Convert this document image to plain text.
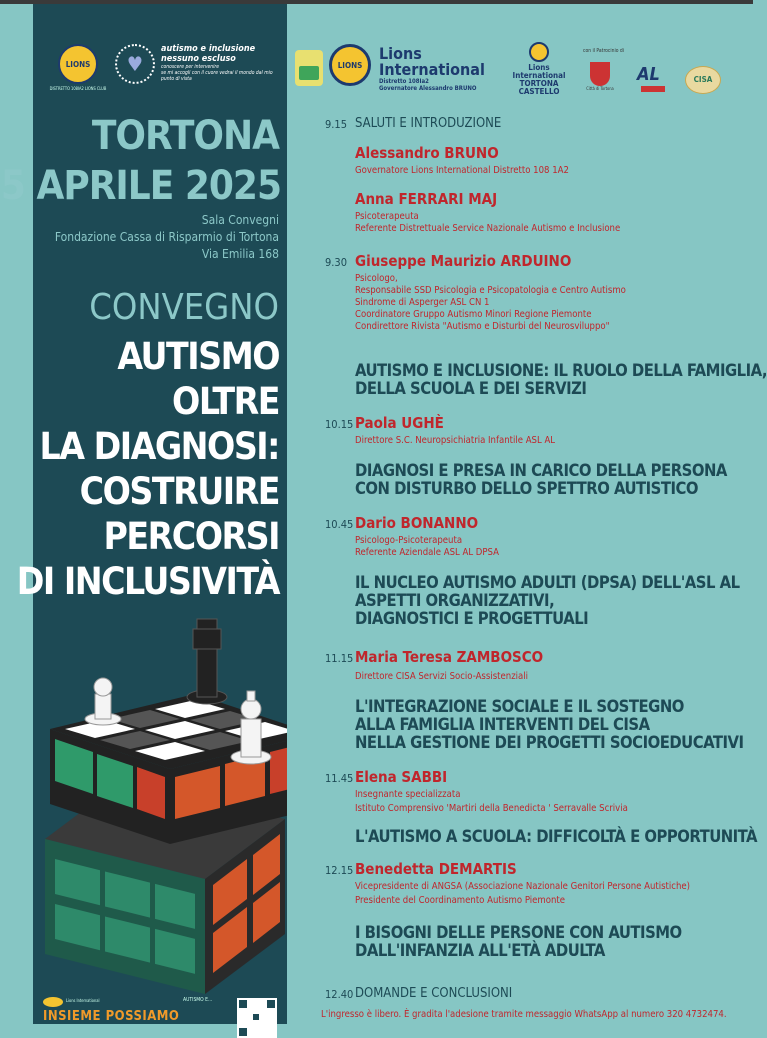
LIONS
DISTRETTO 108IA2 LIONS CLUB
♥
autismo e inclusione nessuno escluso
conoscere per intervenire
se mi accogli con il cuore vedrai il mondo dal mio punto di vista
TORTONA
5 APRILE 2025
Sala Convegni
Fondazione Cassa di Risparmio di Tortona
Via Emilia 168
CONVEGNO
AUTISMO
OLTRE
LA DIAGNOSI:
COSTRUIRE
PERCORSI
DI INCLUSIVITÀ
Lions International	AUTISMO E...
INSIEME POSSIAMO
LIONS
Lions International
Distretto 108Ia2
Governatore Alessandro BRUNO
Lions
International
TORTONA
CASTELLO
con il Patrocinio di
Città di Tortona
AL	CISA
9.15 SALUTI E INTRODUZIONE
Alessandro BRUNO
Governatore Lions International Distretto 108 1A2
Anna FERRARI MAJ
Psicoterapeuta
Referente Distrettuale Service Nazionale Autismo e Inclusione
9.30 Giuseppe Maurizio ARDUINO
Psicologo,
Responsabile SSD Psicologia e Psicopatologia e Centro Autismo
Sindrome di Asperger ASL CN 1
Coordinatore Gruppo Autismo Minori Regione Piemonte
Condirettore Rivista "Autismo e Disturbi del Neurosviluppo"
AUTISMO E INCLUSIONE: IL RUOLO DELLA FAMIGLIA,
DELLA SCUOLA E DEI SERVIZI
10.15 Paola UGHÈ
Direttore S.C. Neuropsichiatria Infantile ASL AL
DIAGNOSI E PRESA IN CARICO DELLA PERSONA
CON DISTURBO DELLO SPETTRO AUTISTICO
10.45 Dario BONANNO
Psicologo-Psicoterapeuta
Referente Aziendale ASL AL DPSA
IL NUCLEO AUTISMO ADULTI (DPSA) DELL'ASL AL
ASPETTI ORGANIZZATIVI,
DIAGNOSTICI E PROGETTUALI
11.15 Maria Teresa ZAMBOSCO
Direttore CISA Servizi Socio-Assistenziali
L'INTEGRAZIONE SOCIALE E IL SOSTEGNO
ALLA FAMIGLIA INTERVENTI DEL CISA
NELLA GESTIONE DEI PROGETTI SOCIOEDUCATIVI
11.45 Elena SABBI
Insegnante specializzata
Istituto Comprensivo 'Martiri della Benedicta ' Serravalle Scrivia
L'AUTISMO A SCUOLA: DIFFICOLTÀ E OPPORTUNITÀ
12.15 Benedetta DEMARTIS
Vicepresidente di ANGSA (Associazione Nazionale Genitori Persone Autistiche)
Presidente del Coordinamento Autismo Piemonte
I BISOGNI DELLE PERSONE CON AUTISMO
DALL'INFANZIA ALL'ETÀ ADULTA
12.40 DOMANDE E CONCLUSIONI
L'ingresso è libero. È gradita l'adesione tramite messaggio WhatsApp al numero 320 4732474.
